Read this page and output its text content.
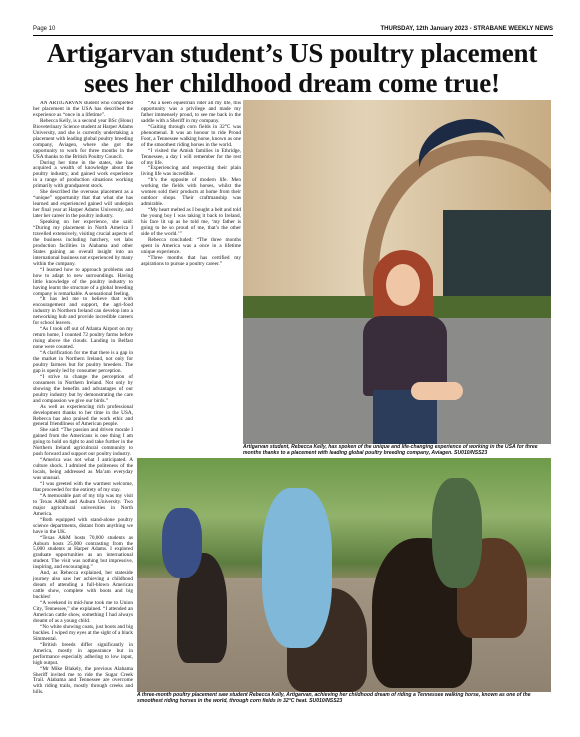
Page 10	THURSDAY, 12th January 2023 - STRABANE WEEKLY NEWS
Artigarvan student’s US poultry placement sees her childhood dream come true!

AN ARTIGARVAN student who completed her placement in the USA has described the experience as “once in a lifetime”.

Rebecca Kelly, is a second year BSc (Hons) Bioveterinary Science student at Harper Adams University, and she is currently undertaking a placement with leading global poultry breeding company, Aviagen, where she got the opportunity to work for three months in the USA thanks to the British Poultry Council.

During her time in the states, she has acquired a wealth of knowledge about the poultry industry, and gained work experience in a range of production situations working primarily with grandparent stock.

She described the overseas placement as a “unique” opportunity that that what she has learned and experienced gained will underpin her final year at Harper Adams University, and later her career in the poultry industry.

Speaking on her experience, she said: “During my placement in North America I travelled extensively, visiting crucial aspects of the business including hatchery, vet labs production facilities in Alabama and other States gaining an overall insight into an international business not experienced by many within the company.

“I learned how to approach problems and how to adapt to new surroundings. Having little knowledge of the poultry industry to having learnt the structure of a global breeding company is remarkable. A sensational feeling.

“It has led me to believe that with encouragement and support, the agri-food industry in Northern Ireland can develop into a networking hub and provide incredible careers for school leavers.

“As I took off out of Atlanta Airport on my return home, I counted 72 poultry farms before rising above the clouds. Landing in Belfast none were counted.

“A clarification for me that there is a gap in the market in Northern Ireland, not only for poultry farmers but for poultry breeders. The gap is openly led by consumer perception.

“I strive to change the perception of consumers in Northern Ireland. Not only by showing the benefits and advantages of our poultry industry but by demonstrating the care and compassion we give our birds.”

As well as experiencing rich professional development thanks to her time in the USA, Rebecca has also praised the work ethic and general friendliness of American people.

She said: “The passion and driven morale I gained from the Americans is one thing I am going to hold on tight to and take further in the Northern Ireland agricultural community to push forward and support our poultry industry.

“America was not what I anticipated. A culture shock. I admired the politeness of the locals, being addressed as Ma’am everyday was unusual.

“I was greeted with the warmest welcome, that proceeded for the entirety of my stay.

“A memorable part of my trip was my visit to Texas A&M and Auburn University. Two major agricultural universities in North America.

“Both equipped with stand-alone poultry science departments, distant from anything we have in the UK.

“Texas A&M hosts 70,000 students as Auburn hosts 25,000 contrasting from the 5,000 students at Harper Adams. I explored graduate opportunities as an international student. The visit was nothing but impressive, inspiring, and encouraging.”

And, as Rebecca explained, her stateside journey also saw her achieving a childhood dream of attending a full-blown American cattle show, complete with boots and big buckles!

“A weekend in mid-June took me to Union City, Tennessee,” she explained. “I attended an American cattle show, something I had always dreamt of as a young child.

“No white showing coats, just boots and big buckles. I wiped my eyes at the sight of a black Simmental.

“British breeds differ significantly in America, mostly in appearance but in performance especially adhering to low input, high output.

“Mr Mike Blakely, the previous Alabama Sheriff invited me to ride the Sugar Creek Trail. Alabama and Tennessee are overcome with riding trails, mostly through creeks and hills.

“As a keen equestrian rider all my life, this opportunity was a privilege and made my father immensely proud, to see me back in the saddle with a Sheriff in my company.

“Gaiting through corn fields in 32°C was phenomenal. It was an honour to ride Proud Foot, a Tennessee walking horse, known as one of the smoothest riding horses in the world.

“I visited the Amish families in Ethridge, Tennessee, a day I will remember for the rest of my life.

“Experiencing and respecting their plain living life was incredible.

“It’s the opposite of modern life. Men working the fields with horses, whilst the women sold their products at home from their outdoor shops. Their craftmanship was admirable.

“My heart melted as I bought a belt and told the young boy I was taking it back to Ireland, his face lit up as he told me, ‘my father is going to be so proud of me, that’s the other side of the world.’”

Rebecca concluded: “The three months spent in America was a once in a lifetime unique experience.

“Three months that has certified my aspirations to pursue a poultry career.”

Artigarvan student, Rebecca Kelly, has spoken of the unique and life-changing experience of working in the USA for three months thanks to a placement with leading global poultry breeding company, Aviagen. SU010/NSS23
A three-month poultry placement saw student Rebecca Kelly, Artigarvan, achieving her childhood dream of riding a Tennessee walking horse, known as one of the smoothest riding horses in the world, through corn fields in 32°C heat. SU010/NSS23
